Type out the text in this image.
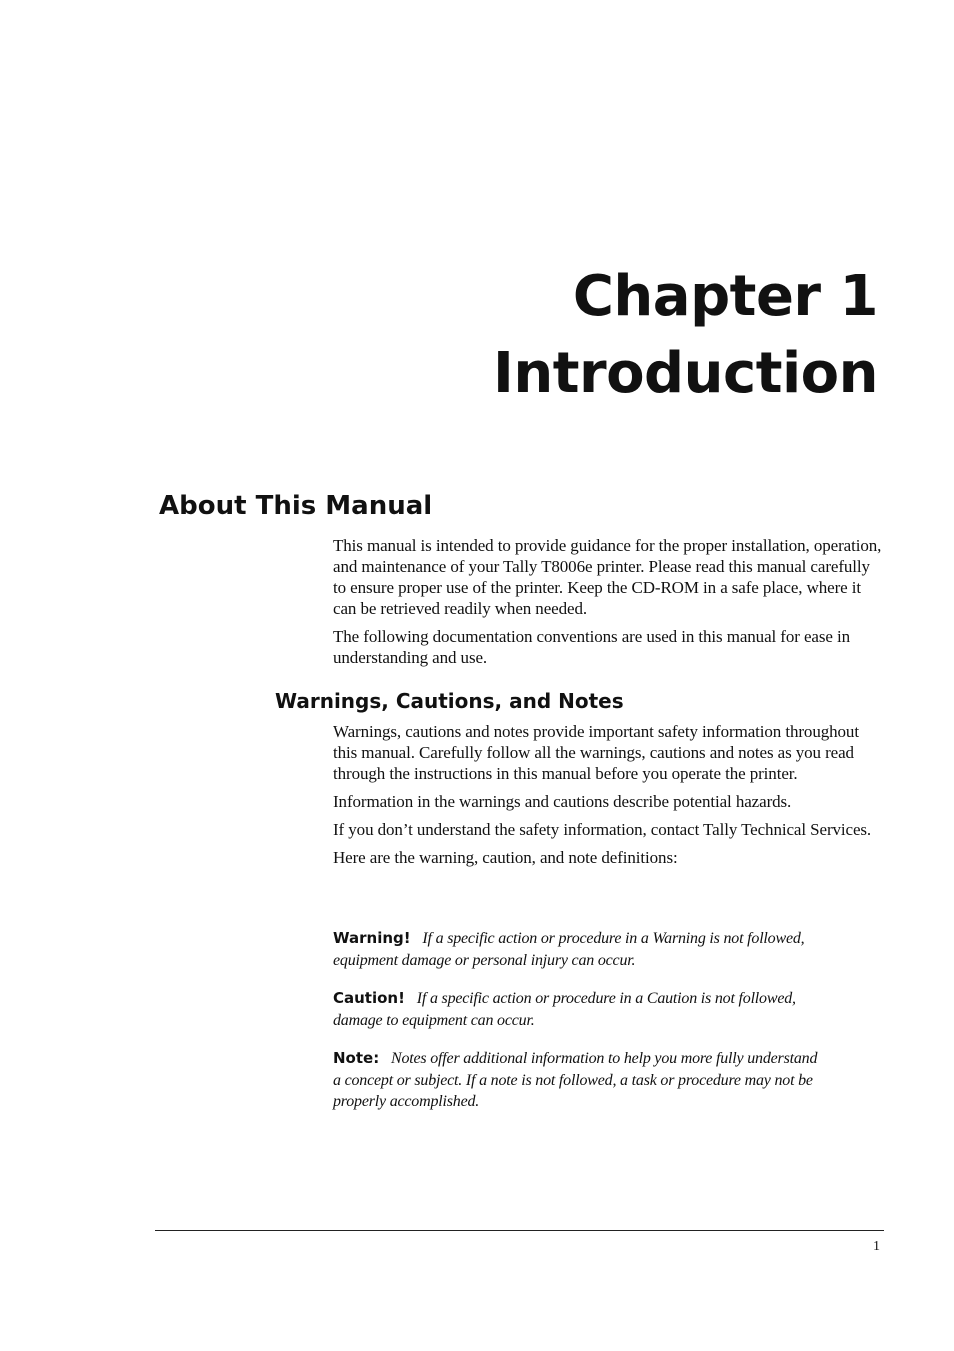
Chapter 1
Introduction
About This Manual

This manual is intended to provide guidance for the proper installation, operation, and maintenance of your Tally T8006e printer. Please read this manual carefully to ensure proper use of the printer. Keep the CD-ROM in a safe place, where it can be retrieved readily when needed.

The following documentation conventions are used in this manual for ease in understanding and use.

Warnings, Cautions, and Notes

Warnings, cautions and notes provide important safety information throughout this manual. Carefully follow all the warnings, cautions and notes as you read through the instructions in this manual before you operate the printer.

Information in the warnings and cautions describe potential hazards.

If you don’t understand the safety information, contact Tally Technical Services.

Here are the warning, caution, and note definitions:

Warning! If a specific action or procedure in a Warning is not followed, equipment damage or personal injury can occur.

Caution! If a specific action or procedure in a Caution is not followed, damage to equipment can occur.

Note: Notes offer additional information to help you more fully understand a concept or subject. If a note is not followed, a task or procedure may not be properly accomplished.

1
